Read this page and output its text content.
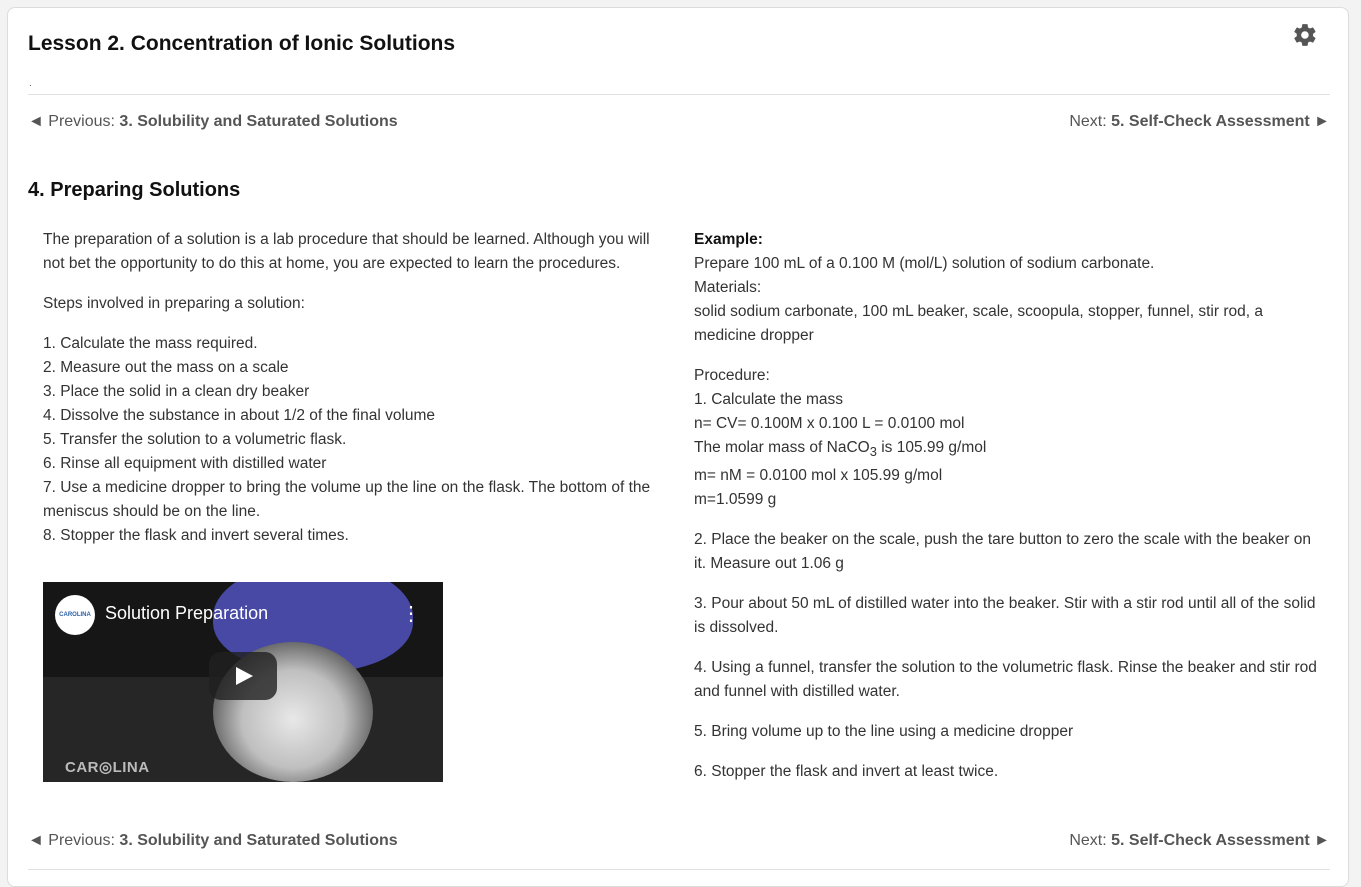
Lesson 2. Concentration of Ionic Solutions
.
◄ Previous: 3. Solubility and Saturated Solutions	Next: 5. Self-Check Assessment ►
4. Preparing Solutions

The preparation of a solution is a lab procedure that should be learned. Although you will not bet the opportunity to do this at home, you are expected to learn the procedures.

Steps involved in preparing a solution:

1. Calculate the mass required.
2. Measure out the mass on a scale
3. Place the solid in a clean dry beaker
4. Dissolve the substance in about 1/2 of the final volume
5. Transfer the solution to a volumetric flask.
6. Rinse all equipment with distilled water
7. Use a medicine dropper to bring the volume up the line on the flask. The bottom of the meniscus should be on the line.
8. Stopper the flask and invert several times.
CAROLINA Solution Preparation	⋮
CAR◎LINA

Example:
Prepare 100 mL of a 0.100 M (mol/L) solution of sodium carbonate.
Materials:
solid sodium carbonate, 100 mL beaker, scale, scoopula, stopper, funnel, stir rod, a medicine dropper

Procedure:
1. Calculate the mass
n= CV= 0.100M x 0.100 L = 0.0100 mol
The molar mass of NaCO$_3$ is 105.99 g/mol
m= nM = 0.0100 mol x 105.99 g/mol
m=1.0599 g

2. Place the beaker on the scale, push the tare button to zero the scale with the beaker on it. Measure out 1.06 g

3. Pour about 50 mL of distilled water into the beaker. Stir with a stir rod until all of the solid is dissolved.

4. Using a funnel, transfer the solution to the volumetric flask. Rinse the beaker and stir rod and funnel with distilled water.

5. Bring volume up to the line using a medicine dropper

6. Stopper the flask and invert at least twice.

◄ Previous: 3. Solubility and Saturated Solutions	Next: 5. Self-Check Assessment ►
